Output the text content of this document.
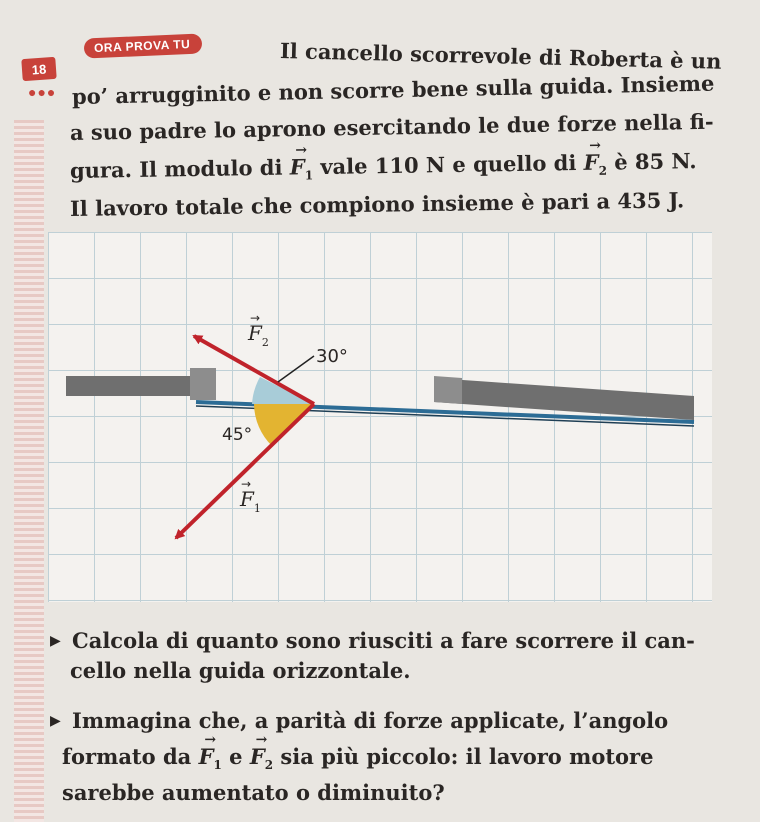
18
●●●
ORA PROVA TU	Il cancello scorrevole di Roberta è un
po’ arrugginito e non scorre bene sulla guida. Insieme
a suo padre lo aprono esercitando le due forze nella fi-
gura. Il modulo di → $F_1$ vale 110 N e quello di → $F_2$ è 85 N.
Il lavoro totale che compiono insieme è pari a 435 J.
$F_2$
→
30°
45°
$F_1$
→
▶ Calcola di quanto sono riusciti a fare scorrere il can-
cello nella guida orizzontale.
▶ Immagina che, a parità di forze applicate, l’angolo
formato da → $F_1$ $e \to F_2$ sia più piccolo: il lavoro motore
sarebbe aumentato o diminuito?
